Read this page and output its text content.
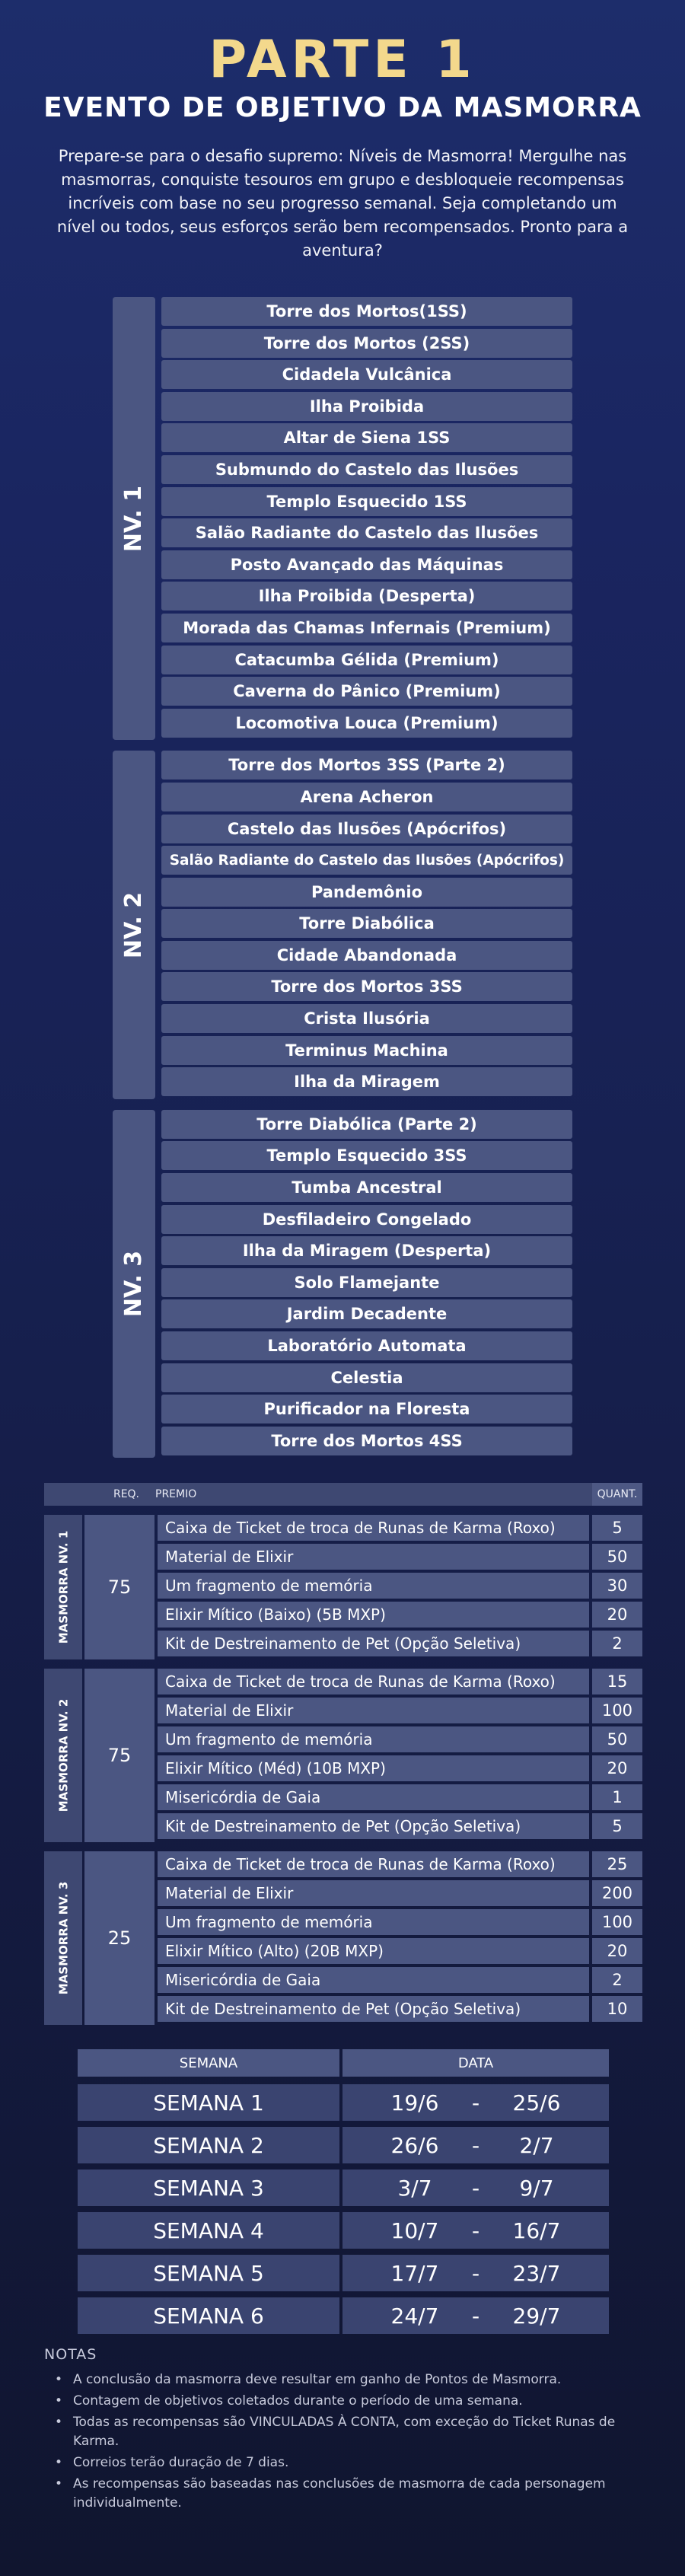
PARTE 1
EVENTO DE OBJETIVO DA MASMORRA

Prepare-se para o desafio supremo: Níveis de Masmorra! Mergulhe nas masmorras, conquiste tesouros em grupo e desbloqueie recompensas incríveis com base no seu progresso semanal. Seja completando um nível ou todos, seus esforços serão bem recompensados. Pronto para a aventura?

NV. 1
Torre dos Mortos(1SS)
Torre dos Mortos (2SS)
Cidadela Vulcânica
Ilha Proibida
Altar de Siena 1SS
Submundo do Castelo das Ilusões
Templo Esquecido 1SS
Salão Radiante do Castelo das Ilusões
Posto Avançado das Máquinas
Ilha Proibida (Desperta)
Morada das Chamas Infernais (Premium)
Catacumba Gélida (Premium)
Caverna do Pânico (Premium)
Locomotiva Louca (Premium)
NV. 2
Torre dos Mortos 3SS (Parte 2)
Arena Acheron
Castelo das Ilusões (Apócrifos)
Salão Radiante do Castelo das Ilusões (Apócrifos)
Pandemônio
Torre Diabólica
Cidade Abandonada
Torre dos Mortos 3SS
Crista Ilusória
Terminus Machina
Ilha da Miragem
NV. 3
Torre Diabólica (Parte 2)
Templo Esquecido 3SS
Tumba Ancestral
Desfiladeiro Congelado
Ilha da Miragem (Desperta)
Solo Flamejante
Jardim Decadente
Laboratório Automata
Celestia
Purificador na Floresta
Torre dos Mortos 4SS
REQ.	PREMIO	QUANT.
MASMORRA NV. 1	75
Caixa de Ticket de troca de Runas de Karma (Roxo)	5
Material de Elixir	50
Um fragmento de memória	30
Elixir Mítico (Baixo) (5B MXP)	20
Kit de Destreinamento de Pet (Opção Seletiva)	2
MASMORRA NV. 2	75
Caixa de Ticket de troca de Runas de Karma (Roxo)	15
Material de Elixir	100
Um fragmento de memória	50
Elixir Mítico (Méd) (10B MXP)	20
Misericórdia de Gaia	1
Kit de Destreinamento de Pet (Opção Seletiva)	5
MASMORRA NV. 3	25
Caixa de Ticket de troca de Runas de Karma (Roxo)	25
Material de Elixir	200
Um fragmento de memória	100
Elixir Mítico (Alto) (20B MXP)	20
Misericórdia de Gaia	2
Kit de Destreinamento de Pet (Opção Seletiva)	10
SEMANA	DATA
SEMANA 1	19/6	-	25/6
SEMANA 2	26/6	-	2/7
SEMANA 3	3/7	-	9/7
SEMANA 4	10/7	-	16/7
SEMANA 5	17/7	-	23/7
SEMANA 6	24/7	-	29/7
NOTAS
• A conclusão da masmorra deve resultar em ganho de Pontos de Masmorra.
• Contagem de objetivos coletados durante o período de uma semana.
• Todas as recompensas são VINCULADAS À CONTA, com exceção do Ticket Runas de Karma.
• Correios terão duração de 7 dias.
• As recompensas são baseadas nas conclusões de masmorra de cada personagem individualmente.
